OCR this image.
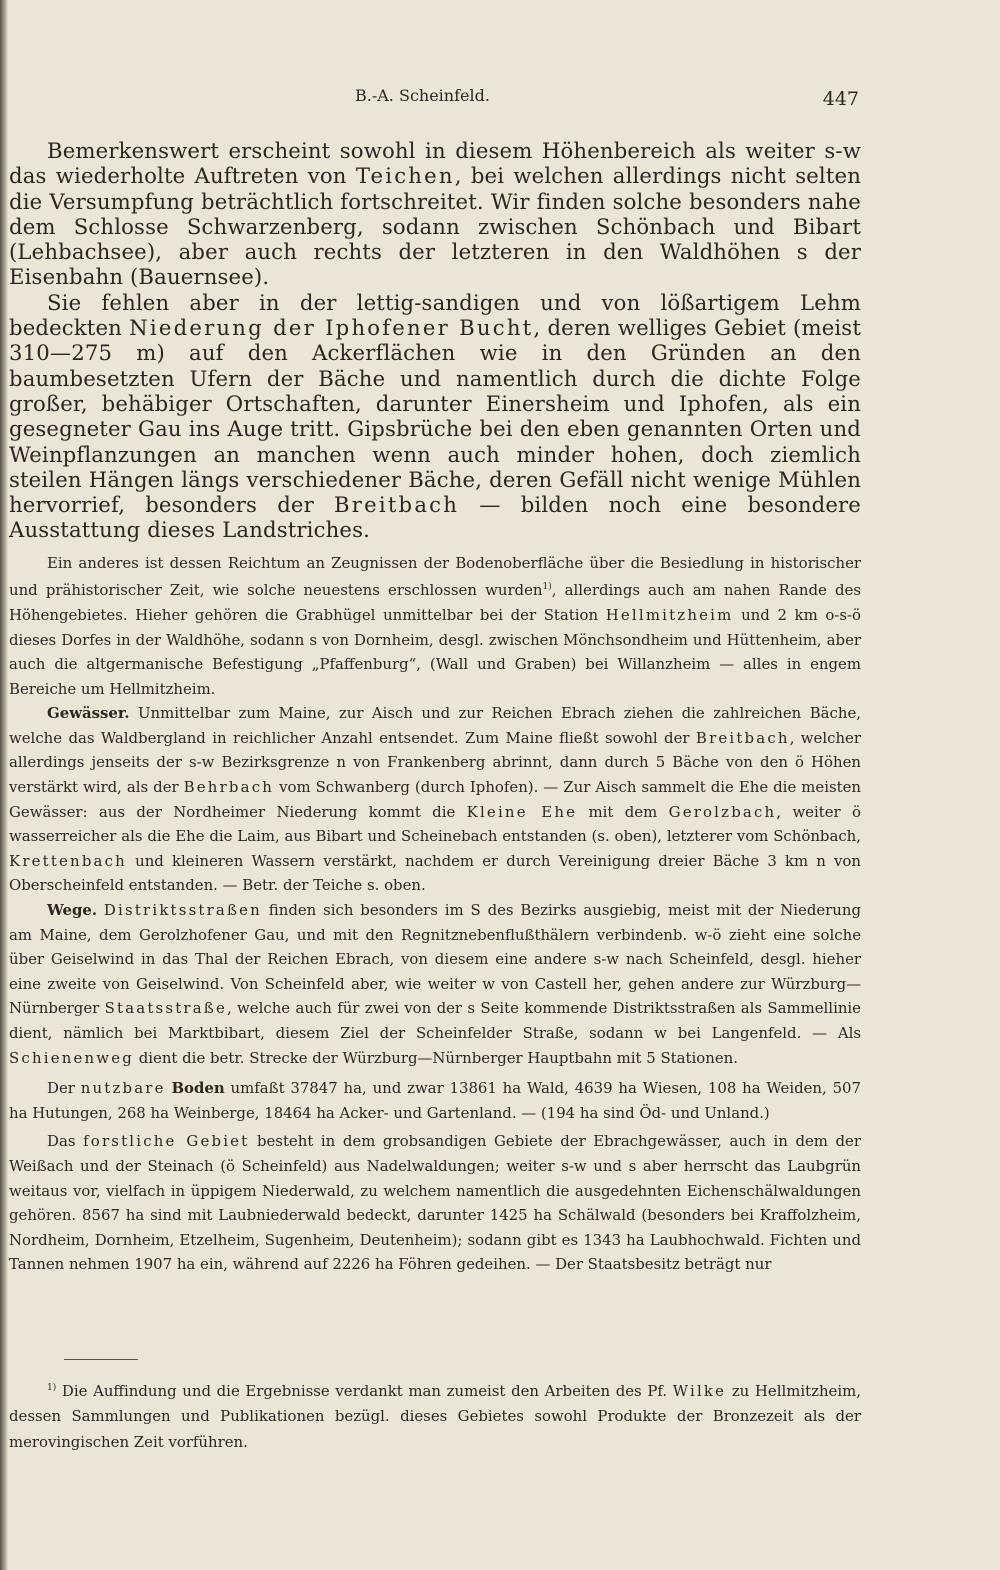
B.-A. Scheinfeld.	447

Bemerkenswert erscheint sowohl in diesem Höhenbereich als weiter s-w das wiederholte Auftreten von Teichen, bei welchen allerdings nicht selten die Versumpfung beträchtlich fortschreitet. Wir finden solche besonders nahe dem Schlosse Schwarzenberg, sodann zwischen Schönbach und Bibart (Lehbachsee), aber auch rechts der letzteren in den Waldhöhen s der Eisenbahn (Bauernsee).

Sie fehlen aber in der lettig-sandigen und von lößartigem Lehm bedeckten Niederung der Iphofener Bucht, deren welliges Gebiet (meist 310—275 m) auf den Ackerflächen wie in den Gründen an den baumbesetzten Ufern der Bäche und namentlich durch die dichte Folge großer, behäbiger Ortschaften, darunter Einersheim und Iphofen, als ein gesegneter Gau ins Auge tritt. Gipsbrüche bei den eben genannten Orten und Weinpflanzungen an manchen wenn auch minder hohen, doch ziemlich steilen Hängen längs verschiedener Bäche, deren Gefäll nicht wenige Mühlen hervorrief, besonders der Breitbach — bilden noch eine besondere Ausstattung dieses Landstriches.

Ein anderes ist dessen Reichtum an Zeugnissen der Bodenoberfläche über die Besiedlung in historischer und prähistorischer Zeit, wie solche neuestens erschlossen wurden$^{1)}$, allerdings auch am nahen Rande des Höhengebietes. Hieher gehören die Grabhügel unmittelbar bei der Station Hellmitzheim und 2 km o-s-ö dieses Dorfes in der Waldhöhe, sodann s von Dornheim, desgl. zwischen Mönchsondheim und Hüttenheim, aber auch die altgermanische Befestigung „Pfaffenburg“, (Wall und Graben) bei Willanzheim — alles in engem Bereiche um Hellmitzheim.

Gewässer. Unmittelbar zum Maine, zur Aisch und zur Reichen Ebrach ziehen die zahlreichen Bäche, welche das Waldbergland in reichlicher Anzahl entsendet. Zum Maine fließt sowohl der Breitbach, welcher allerdings jenseits der s-w Bezirksgrenze n von Frankenberg abrinnt, dann durch 5 Bäche von den ö Höhen verstärkt wird, als der Behrbach vom Schwanberg (durch Iphofen). — Zur Aisch sammelt die Ehe die meisten Gewässer: aus der Nordheimer Niederung kommt die Kleine Ehe mit dem Gerolzbach, weiter ö wasserreicher als die Ehe die Laim, aus Bibart und Scheinebach entstanden (s. oben), letzterer vom Schönbach, Krettenbach und kleineren Wassern verstärkt, nachdem er durch Vereinigung dreier Bäche 3 km n von Oberscheinfeld entstanden. — Betr. der Teiche s. oben.

Wege. Distriktsstraßen finden sich besonders im S des Bezirks ausgiebig, meist mit der Niederung am Maine, dem Gerolzhofener Gau, und mit den Regnitznebenflußthälern verbindenb. w-ö zieht eine solche über Geiselwind in das Thal der Reichen Ebrach, von diesem eine andere s-w nach Scheinfeld, desgl. hieher eine zweite von Geiselwind. Von Scheinfeld aber, wie weiter w von Castell her, gehen andere zur Würzburg—Nürnberger Staatsstraße, welche auch für zwei von der s Seite kommende Distriktsstraßen als Sammellinie dient, nämlich bei Marktbibart, diesem Ziel der Scheinfelder Straße, sodann w bei Langenfeld. — Als Schienenweg dient die betr. Strecke der Würzburg—Nürnberger Hauptbahn mit 5 Stationen.

Der nutzbare Boden umfaßt 37847 ha, und zwar 13861 ha Wald, 4639 ha Wiesen, 108 ha Weiden, 507 ha Hutungen, 268 ha Weinberge, 18464 ha Acker- und Gartenland. — (194 ha sind Öd- und Unland.)

Das forstliche Gebiet besteht in dem grobsandigen Gebiete der Ebrachgewässer, auch in dem der Weißach und der Steinach (ö Scheinfeld) aus Nadelwaldungen; weiter s-w und s aber herrscht das Laubgrün weitaus vor, vielfach in üppigem Niederwald, zu welchem namentlich die ausgedehnten Eichenschälwaldungen gehören. 8567 ha sind mit Laubniederwald bedeckt, darunter 1425 ha Schälwald (besonders bei Kraffolzheim, Nordheim, Dornheim, Etzelheim, Sugenheim, Deutenheim); sodann gibt es 1343 ha Laubhochwald. Fichten und Tannen nehmen 1907 ha ein, während auf 2226 ha Föhren gedeihen. — Der Staatsbesitz beträgt nur

$^{1)}$ Die Auffindung und die Ergebnisse verdankt man zumeist den Arbeiten des Pf. Wilke zu Hellmitzheim, dessen Sammlungen und Publikationen bezügl. dieses Gebietes sowohl Produkte der Bronzezeit als der merovingischen Zeit vorführen.
